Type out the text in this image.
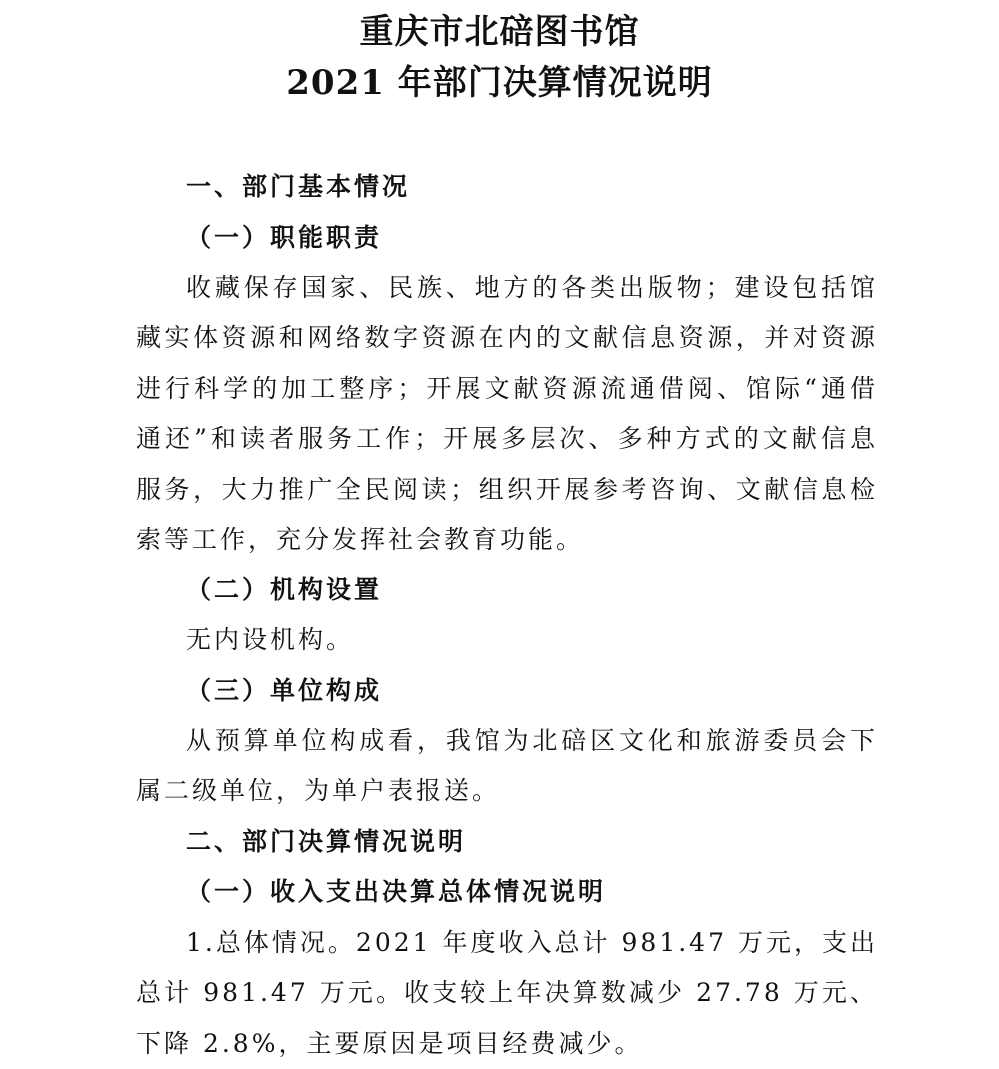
重庆市北碚图书馆
2021 年部门决算情况说明
一、部门基本情况
（一）职能职责

收藏保存国家、民族、地方的各类出版物；建设包括馆藏实体资源和网络数字资源在内的文献信息资源，并对资源进行科学的加工整序；开展文献资源流通借阅、馆际“通借通还”和读者服务工作；开展多层次、多种方式的文献信息服务，大力推广全民阅读；组织开展参考咨询、文献信息检索等工作，充分发挥社会教育功能。

（二）机构设置

无内设机构。

（三）单位构成

从预算单位构成看，我馆为北碚区文化和旅游委员会下属二级单位，为单户表报送。

二、部门决算情况说明
（一）收入支出决算总体情况说明

1.总体情况。2021 年度收入总计 981.47 万元，支出总计 981.47 万元。收支较上年决算数减少 27.78 万元、下降 2.8%，主要原因是项目经费减少。
